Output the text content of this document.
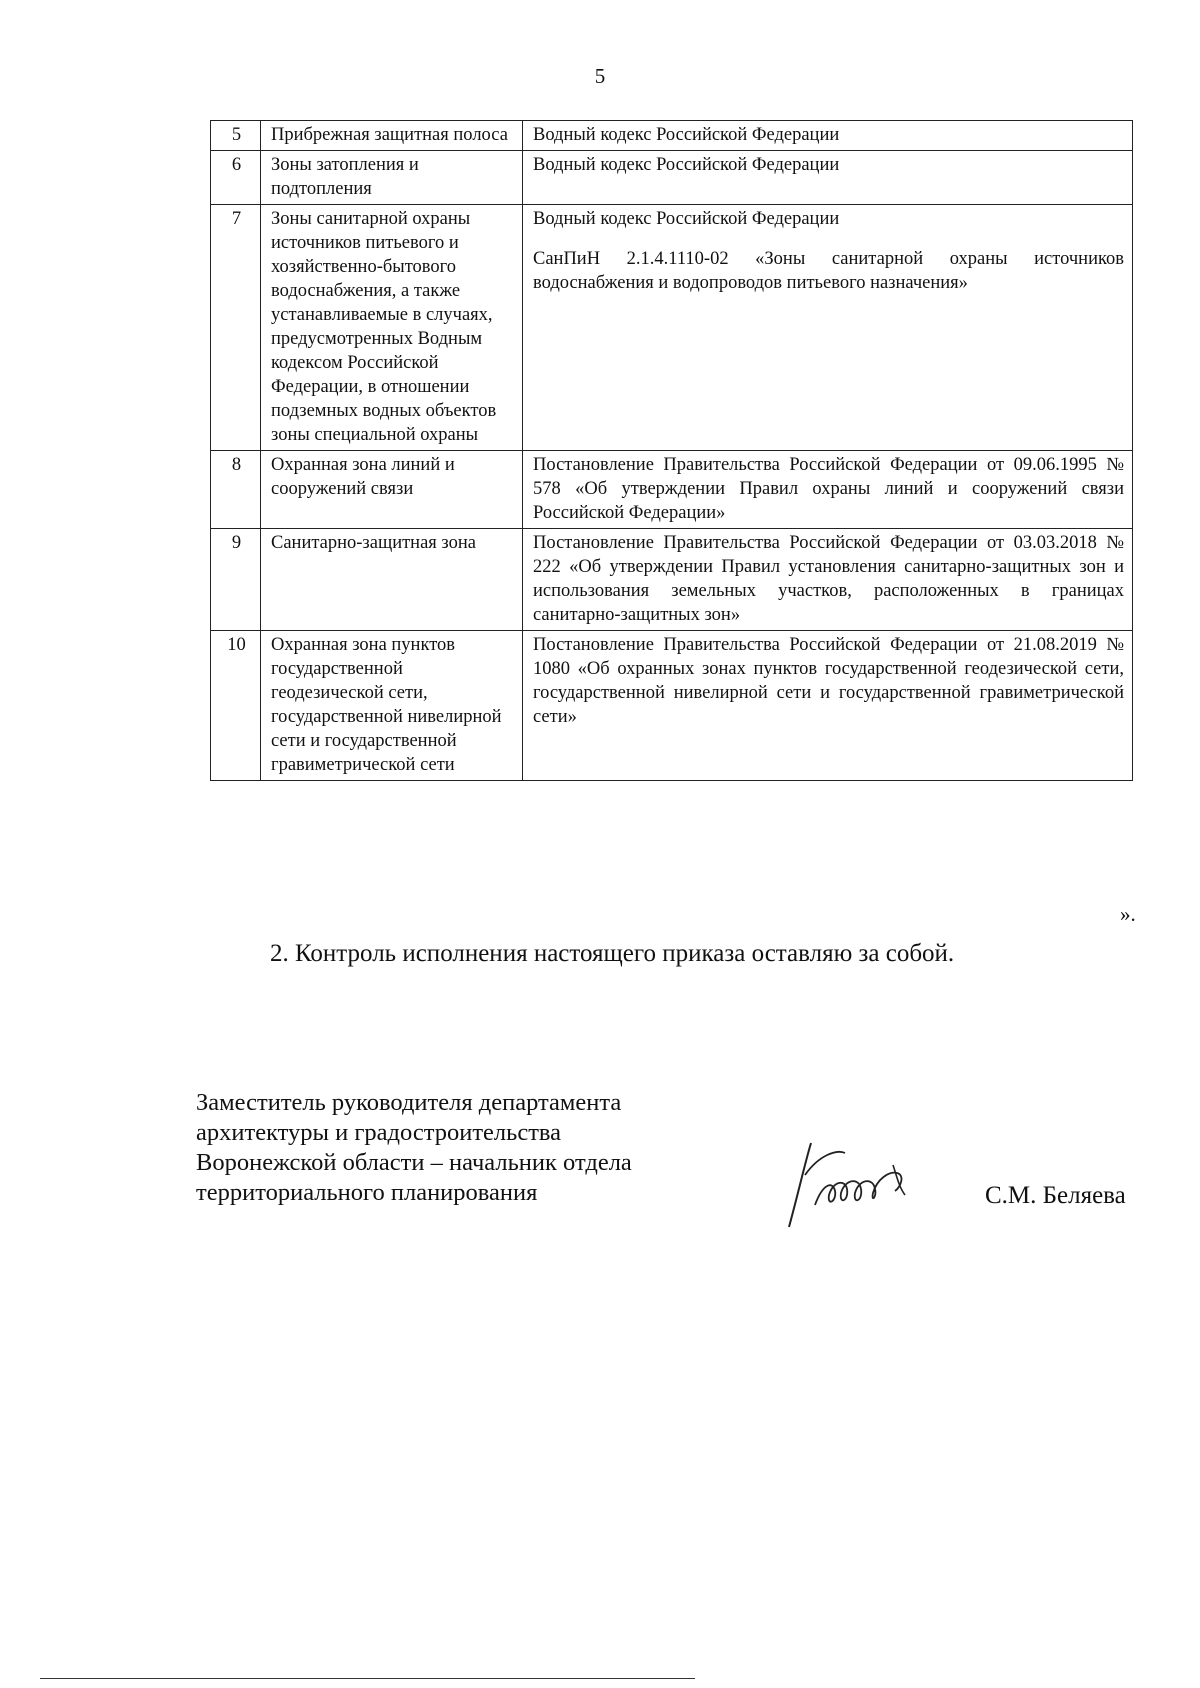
5
5	Прибрежная защитная полоса	Водный кодекс Российской Федерации

6	Зоны затопления и подтопления	Водный кодекс Российской Федерации

7	Зоны санитарной охраны источников питьевого и хозяйственно-бытового водоснабжения, а также устанавливаемые в случаях, предусмотренных Водным кодексом Российской Федерации, в отношении подземных водных объектов зоны специальной охраны	Водный кодекс Российской Федерации
СанПиН 2.1.4.1110-02 «Зоны санитарной охраны источников водоснабжения и водопроводов питьевого назначения»

8	Охранная зона линий и сооружений связи	Постановление Правительства Российской Федерации от 09.06.1995 № 578 «Об утверждении Правил охраны линий и сооружений связи Российской Федерации»

9	Санитарно-защитная зона	Постановление Правительства Российской Федерации от 03.03.2018 № 222 «Об утверждении Правил установления санитарно-защитных зон и использования земельных участков, расположенных в границах санитарно-защитных зон»

10	Охранная зона пунктов государственной геодезической сети, государственной нивелирной сети и государственной гравиметрической сети	Постановление Правительства Российской Федерации от 21.08.2019 № 1080 «Об охранных зонах пунктов государственной геодезической сети, государственной нивелирной сети и государственной гравиметрической сети»
».
2. Контроль исполнения настоящего приказа оставляю за собой.
Заместитель руководителя департамента
архитектуры и градостроительства
Воронежской области – начальник отдела
территориального планирования	С.М. Беляева
